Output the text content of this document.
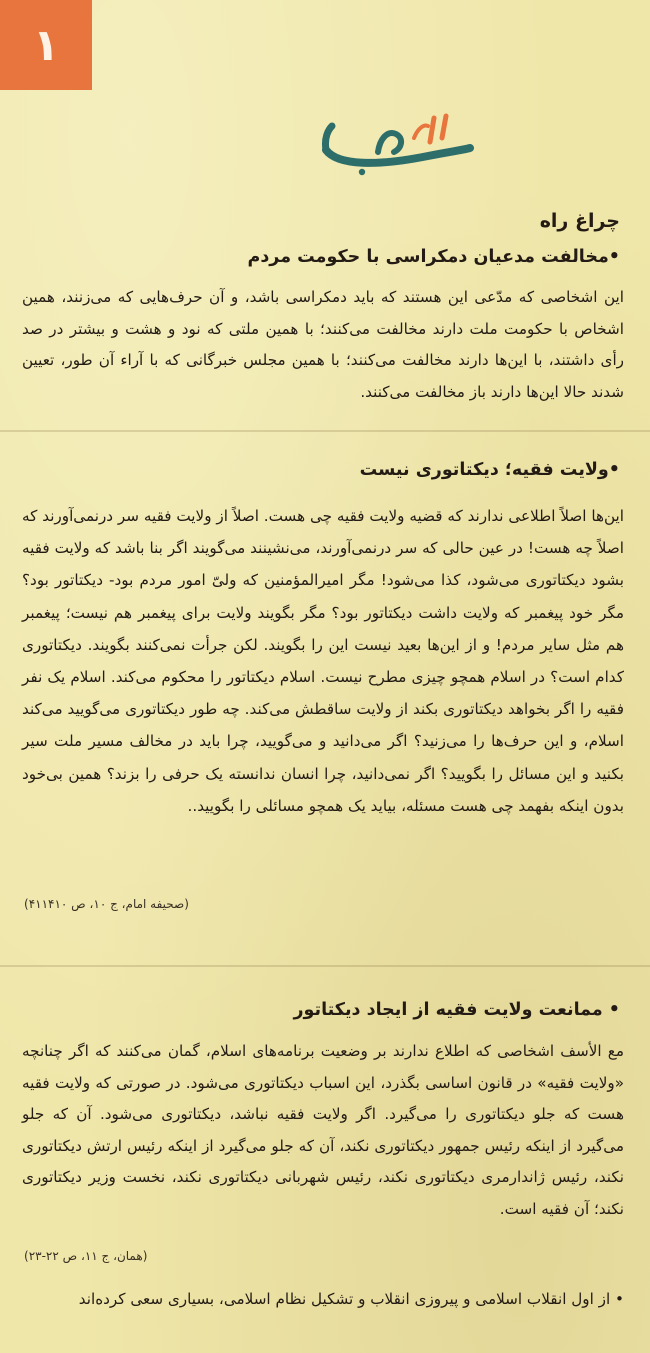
۱
چراغ راه
•مخالفت مدعیان دمکراسی با حکومت مردم

این اشخاصی که مدّعی این هستند که باید دمکراسی باشد، و آن حرف‌هایی که می‌زنند، همین اشخاص با حکومت ملت دارند مخالفت می‌کنند؛ با همین ملتی که نود و هشت و بیشتر در صد رأی داشتند، با این‌ها دارند مخالفت می‌کنند؛ با همین مجلس خبرگانی که با آراء آن طور، تعیین شدند حالا این‌ها دارند باز مخالفت می‌کنند.

•ولایت فقیه؛ دیکتاتوری نیست

این‌ها اصلاً اطلاعی ندارند که قضیه ولایت فقیه چی هست. اصلاً از ولایت فقیه سر درنمی‌آورند که اصلاً چه هست! در عین حالی که سر درنمی‌آورند، می‌نشینند می‌گویند اگر بنا باشد که ولایت فقیه بشود دیکتاتوری می‌شود، کذا می‌شود! مگر امیرالمؤمنین که ولیّ امور مردم بود- دیکتاتور بود؟ مگر خود پیغمبر که ولایت داشت دیکتاتور بود؟ مگر بگویند ولایت برای پیغمبر هم نیست؛ پیغمبر هم مثل سایر مردم! و از این‌ها بعید نیست این را بگویند. لکن جرأت نمی‌کنند بگویند. دیکتاتوری کدام است؟ در اسلام همچو چیزی مطرح نیست. اسلام دیکتاتور را محکوم می‌کند. اسلام یک نفر فقیه را اگر بخواهد دیکتاتوری بکند از ولایت ساقطش می‌کند. چه طور دیکتاتوری می‌گویید می‌کند اسلام، و این حرف‌ها را می‌زنید؟ اگر می‌دانید و می‌گویید، چرا باید در مخالف مسیر ملت سیر بکنید و این مسائل را بگویید؟ اگر نمی‌دانید، چرا انسان ندانسته یک حرفی را بزند؟ همین بی‌خود بدون اینکه بفهمد چی هست مسئله، بیاید یک همچو مسائلی را بگویید..

(صحیفه امام، ج ۱۰، ص ۴۱۱۴۱۰)

• ممانعت ولایت فقیه از ایجاد دیکتاتور

مع الأسف اشخاصی که اطلاع ندارند بر وضعیت برنامه‌های اسلام، گمان می‌کنند که اگر چنانچه «ولایت فقیه» در قانون اساسی بگذرد، این اسباب دیکتاتوری می‌شود. در صورتی که ولایت فقیه هست که جلو دیکتاتوری را می‌گیرد. اگر ولایت فقیه نباشد، دیکتاتوری می‌شود. آن که جلو می‌گیرد از اینکه رئیس جمهور دیکتاتوری نکند، آن که جلو می‌گیرد از اینکه رئیس ارتش دیکتاتوری نکند، رئیس ژاندارمری دیکتاتوری نکند، رئیس شهربانی دیکتاتوری نکند، نخست وزیر دیکتاتوری نکند؛ آن فقیه است.

(همان، ج ۱۱، ص ۲۲-۲۳)

• از اول انقلاب اسلامی و پیروزی انقلاب و تشکیل نظام اسلامی، بسیاری سعی کرده‌اند
